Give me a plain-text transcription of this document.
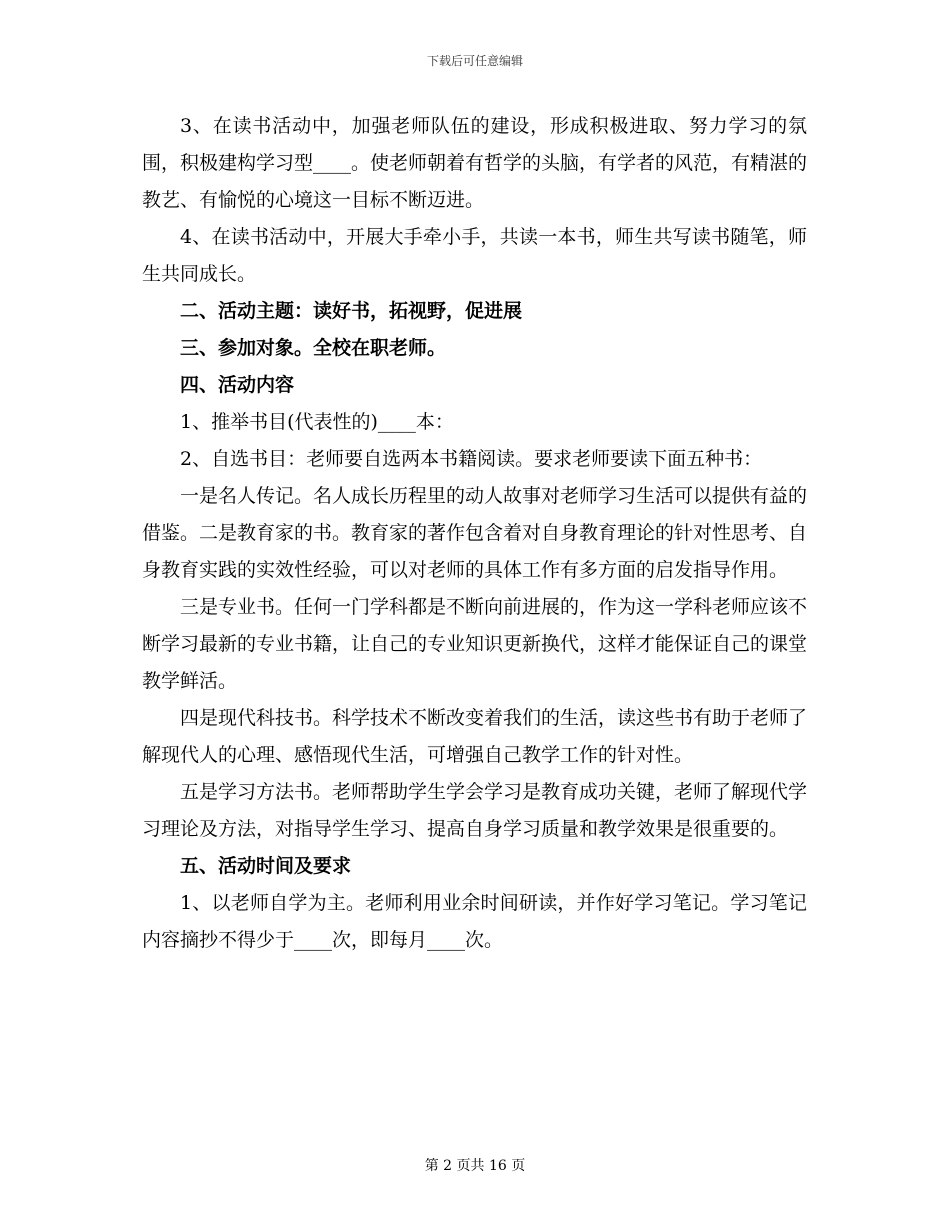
下载后可任意编辑

3、在读书活动中，加强老师队伍的建设，形成积极进取、努力学习的氛围，积极建构学习型____。使老师朝着有哲学的头脑，有学者的风范，有精湛的教艺、有愉悦的心境这一目标不断迈进。

4、在读书活动中，开展大手牵小手，共读一本书，师生共写读书随笔，师生共同成长。

二、活动主题：读好书，拓视野，促进展

三、参加对象。全校在职老师。

四、活动内容

1、推举书目(代表性的)____本：

2、自选书目：老师要自选两本书籍阅读。要求老师要读下面五种书：

一是名人传记。名人成长历程里的动人故事对老师学习生活可以提供有益的借鉴。二是教育家的书。教育家的著作包含着对自身教育理论的针对性思考、自身教育实践的实效性经验，可以对老师的具体工作有多方面的启发指导作用。

三是专业书。任何一门学科都是不断向前进展的，作为这一学科老师应该不断学习最新的专业书籍，让自己的专业知识更新换代，这样才能保证自己的课堂教学鲜活。

四是现代科技书。科学技术不断改变着我们的生活，读这些书有助于老师了解现代人的心理、感悟现代生活，可增强自己教学工作的针对性。

五是学习方法书。老师帮助学生学会学习是教育成功关键，老师了解现代学习理论及方法，对指导学生学习、提高自身学习质量和教学效果是很重要的。

五、活动时间及要求

1、以老师自学为主。老师利用业余时间研读，并作好学习笔记。学习笔记内容摘抄不得少于____次，即每月____次。

第 2 页共 16 页
